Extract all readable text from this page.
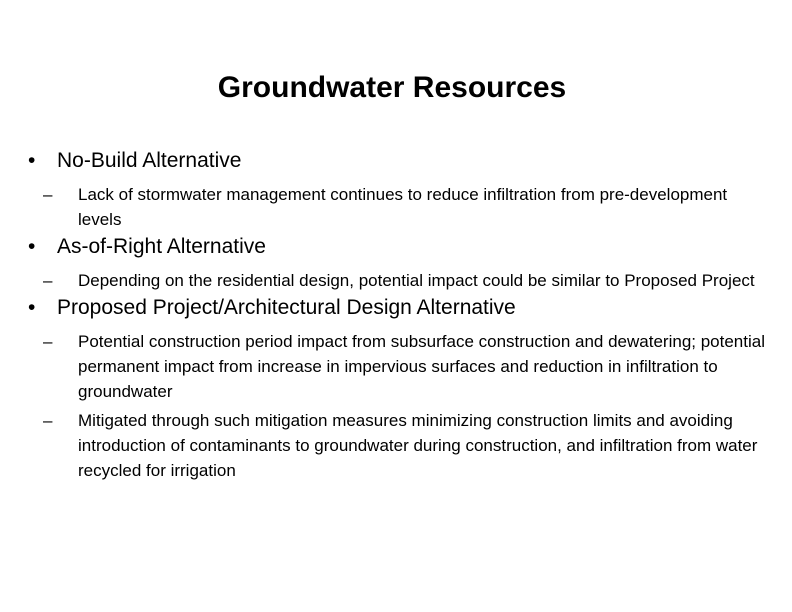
Groundwater Resources
• No-Build Alternative
– Lack of stormwater management continues to reduce infiltration from pre-development levels
• As-of-Right Alternative
– Depending on the residential design, potential impact could be similar to Proposed Project
• Proposed Project/Architectural Design Alternative
– Potential construction period impact from subsurface construction and dewatering; potential permanent impact from increase in impervious surfaces and reduction in infiltration to groundwater
– Mitigated through such mitigation measures minimizing construction limits and avoiding introduction of contaminants to groundwater during construction, and infiltration from water recycled for irrigation
